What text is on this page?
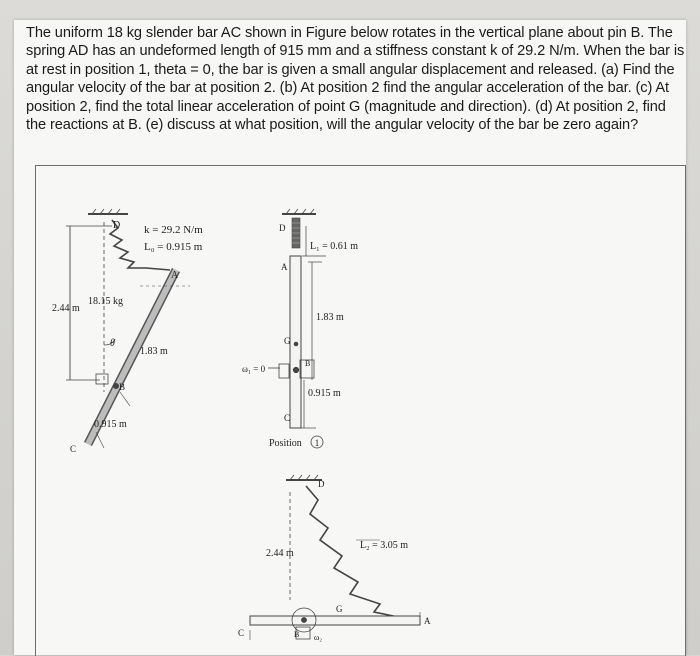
The uniform 18 kg slender bar AC shown in Figure below rotates in the vertical plane about pin B. The spring AD has an undeformed length of 915 mm and a stiffness constant k of 29.2 N/m. When the bar is at rest in position 1, theta = 0, the bar is given a small angular displacement and released. (a) Find the angular velocity of the bar at position 2. (b) At position 2 find the angular acceleration of the bar. (c) At position 2, find the total linear acceleration of point G (magnitude and direction). (d) At position 2, find the reactions at B. (e) discuss at what position, will the angular velocity of the bar be zero again?
D k = 29.2 N/m
L₀ = 0.915 m
A
18.15 kg
2.44 m
θ
1.83 m
B
0.915 m
C
D
L₁ = 0.61 m
A
1.83 m
G
B
ω₁ = 0
0.915 m
C
Position 1
D
L₂ = 3.05 m
2.44 m
G
A
B
C	ω₂
